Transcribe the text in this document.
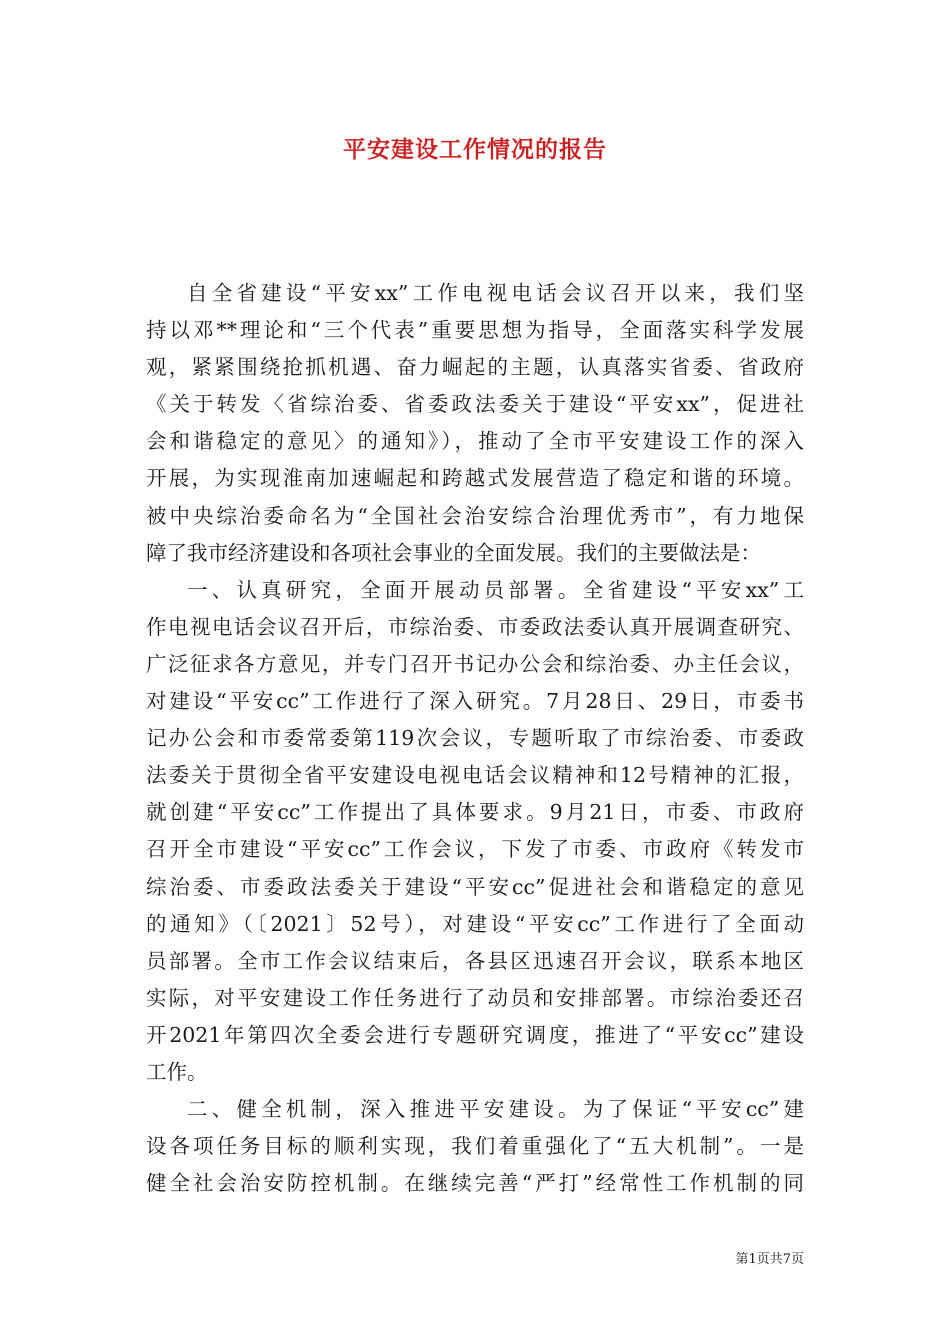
平安建设工作情况的报告
自全省建设“平安xx”工作电视电话会议召开以来，我们坚
持以邓**理论和“三个代表”重要思想为指导，全面落实科学发展
观，紧紧围绕抢抓机遇、奋力崛起的主题，认真落实省委、省政府
《关于转发〈省综治委、省委政法委关于建设“平安xx”，促进社
会和谐稳定的意见〉的通知》），推动了全市平安建设工作的深入
开展，为实现淮南加速崛起和跨越式发展营造了稳定和谐的环境。
被中央综治委命名为“全国社会治安综合治理优秀市”，有力地保
障了我市经济建设和各项社会事业的全面发展。我们的主要做法是：
一、认真研究，全面开展动员部署。全省建设“平安xx”工
作电视电话会议召开后，市综治委、市委政法委认真开展调查研究、
广泛征求各方意见，并专门召开书记办公会和综治委、办主任会议，
对建设“平安cc”工作进行了深入研究。7月28日、29日，市委书
记办公会和市委常委第119次会议，专题听取了市综治委、市委政
法委关于贯彻全省平安建设电视电话会议精神和12号精神的汇报，
就创建“平安cc”工作提出了具体要求。9月21日，市委、市政府
召开全市建设“平安cc”工作会议，下发了市委、市政府《转发市
综治委、市委政法委关于建设“平安cc”促进社会和谐稳定的意见
的通知》（〔2021〕52号），对建设“平安cc”工作进行了全面动
员部署。全市工作会议结束后，各县区迅速召开会议，联系本地区
实际，对平安建设工作任务进行了动员和安排部署。市综治委还召
开2021年第四次全委会进行专题研究调度，推进了“平安cc”建设
工作。
二、健全机制，深入推进平安建设。为了保证“平安cc”建
设各项任务目标的顺利实现，我们着重强化了“五大机制”。一是
健全社会治安防控机制。在继续完善“严打”经常性工作机制的同
第1页共7页
